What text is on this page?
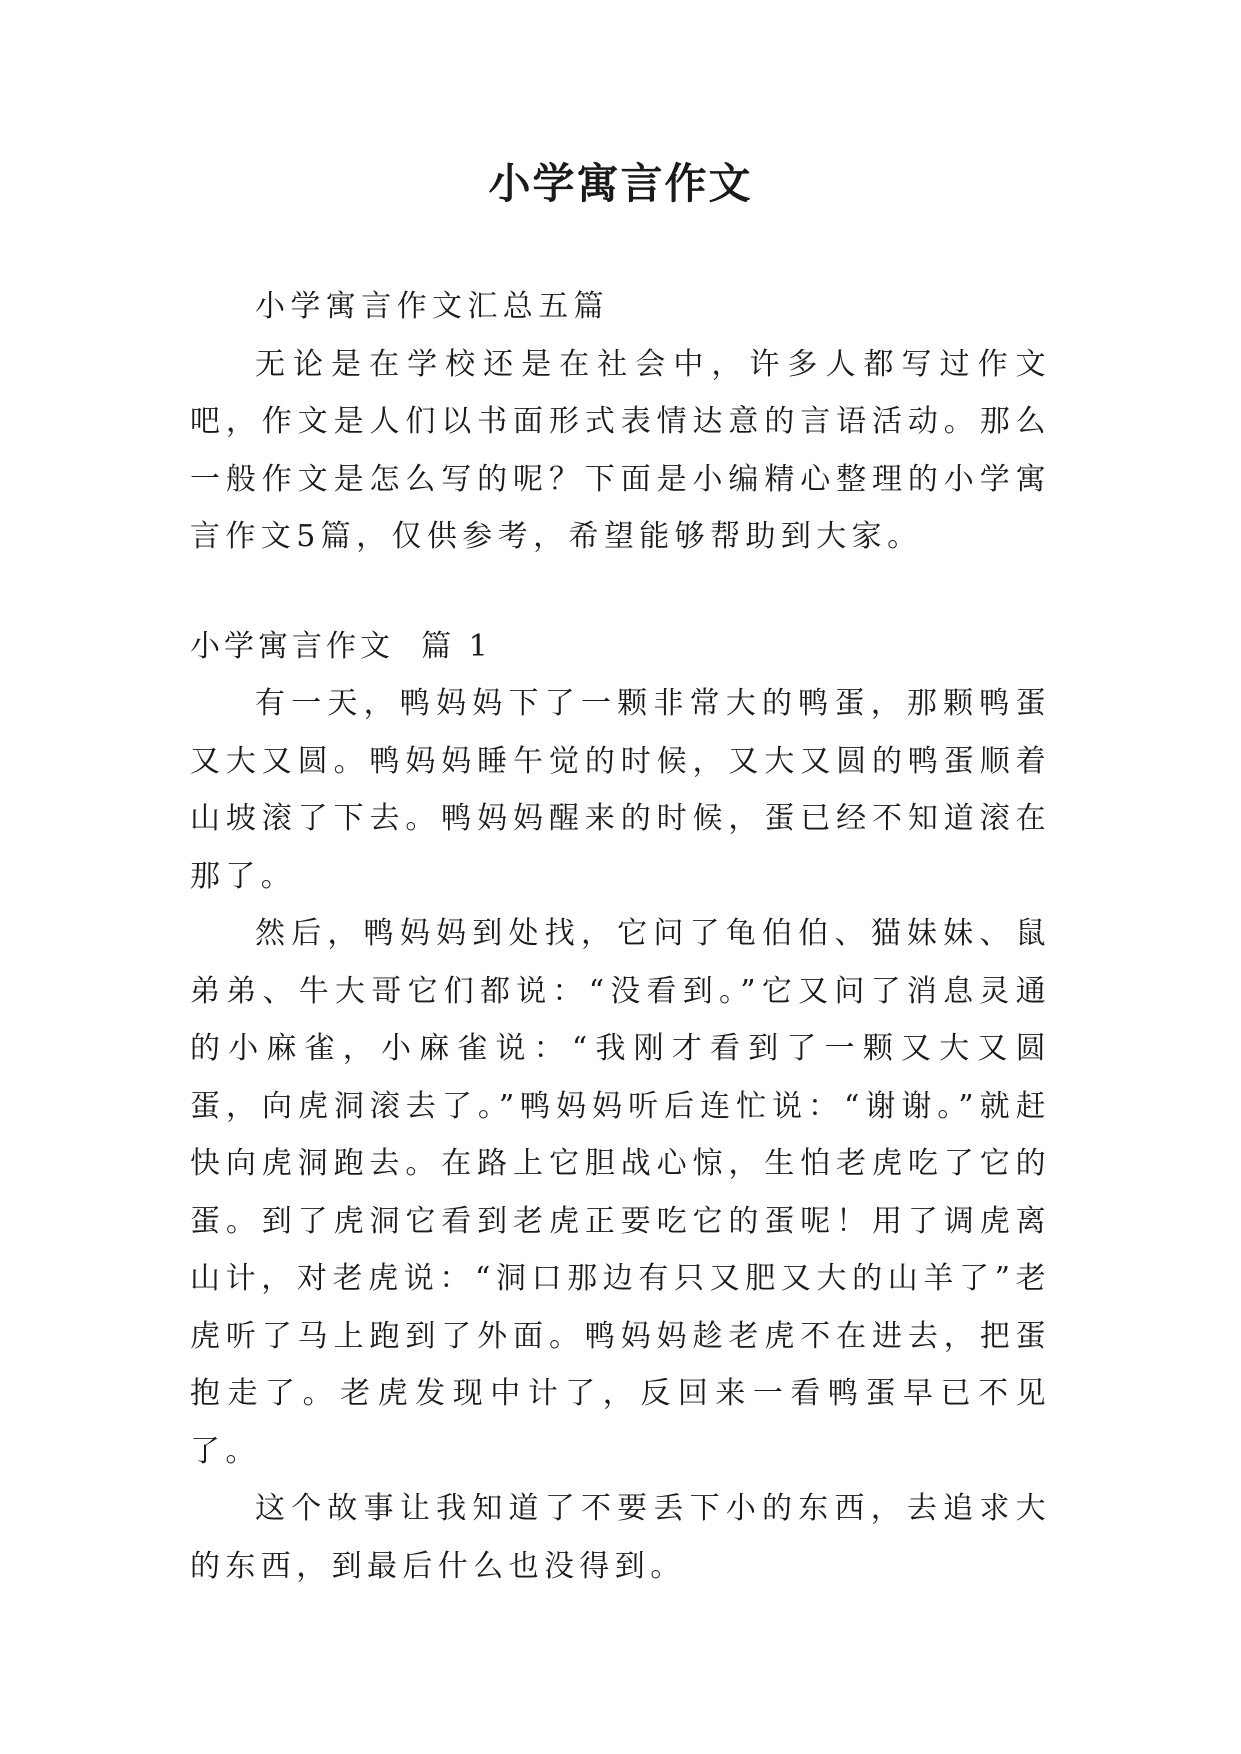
小学寓言作文

小学寓言作文汇总五篇

无论是在学校还是在社会中，许多人都写过作文吧，作文是人们以书面形式表情达意的言语活动。那么一般作文是怎么写的呢？下面是小编精心整理的小学寓言作文5篇，仅供参考，希望能够帮助到大家。

小学寓言作文  篇 1

有一天，鸭妈妈下了一颗非常大的鸭蛋，那颗鸭蛋又大又圆。鸭妈妈睡午觉的时候，又大又圆的鸭蛋顺着山坡滚了下去。鸭妈妈醒来的时候，蛋已经不知道滚在那了。

然后，鸭妈妈到处找，它问了龟伯伯、猫妹妹、鼠弟弟、牛大哥它们都说：“没看到。”它又问了消息灵通的小麻雀，小麻雀说：“我刚才看到了一颗又大又圆蛋，向虎洞滚去了。”鸭妈妈听后连忙说：“谢谢。”就赶快向虎洞跑去。在路上它胆战心惊，生怕老虎吃了它的蛋。到了虎洞它看到老虎正要吃它的蛋呢！用了调虎离山计，对老虎说：“洞口那边有只又肥又大的山羊了”老虎听了马上跑到了外面。鸭妈妈趁老虎不在进去，把蛋抱走了。老虎发现中计了，反回来一看鸭蛋早已不见了。

这个故事让我知道了不要丢下小的东西，去追求大的东西，到最后什么也没得到。
